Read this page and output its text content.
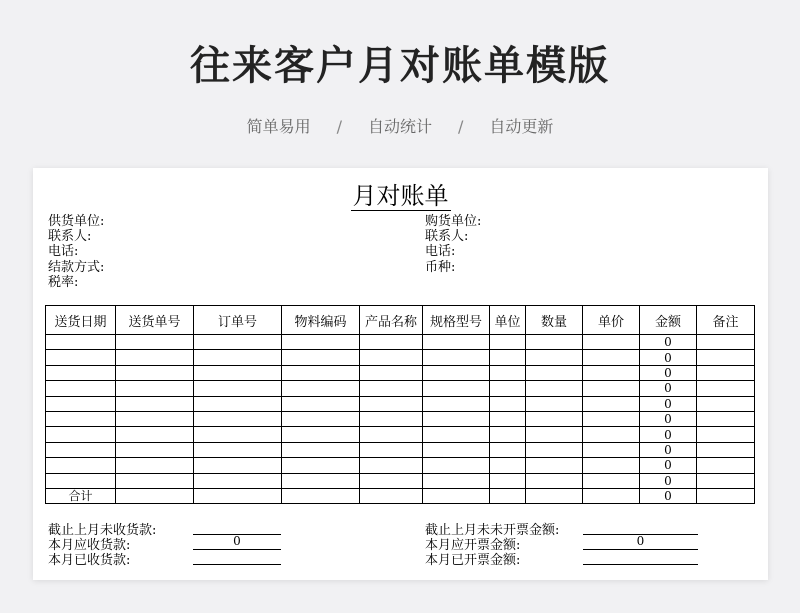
往来客户月对账单模版
简单易用 / 自动统计 / 自动更新
月对账单
供货单位:
联系人:
电话:
结款方式:
税率:
购货单位:
联系人:
电话:
币种:
送货日期	送货单号	订单号	物料编码	产品名称	规格型号	单位	数量	单价	金额	备注
									0	
									0	
									0	
									0	
									0	
									0	
									0	
									0	
									0	
									0	
合计									0	
截止上月未收货款:
本月应收货款:	0
本月已收货款:
截止上月未未开票金额:
本月应开票金额:	0
本月已开票金额:
